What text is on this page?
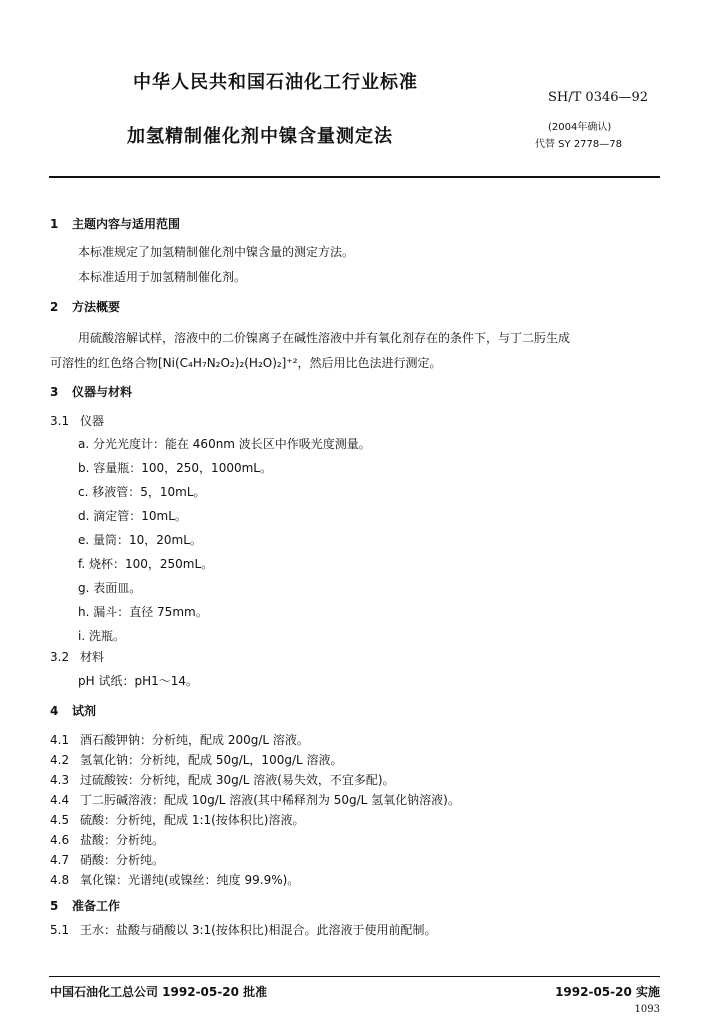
中华人民共和国石油化工行业标准
SH/T 0346—92
(2004年确认)
加氢精制催化剂中镍含量测定法	代替 SY 2778—78
1 主题内容与适用范围
本标准规定了加氢精制催化剂中镍含量的测定方法。
本标准适用于加氢精制催化剂。
2 方法概要
用硫酸溶解试样，溶液中的二价镍离子在碱性溶液中并有氧化剂存在的条件下，与丁二肟生成
可溶性的红色络合物[Ni(C₄H₇N₂O₂)₂(H₂O)₂]⁺²，然后用比色法进行测定。
3 仪器与材料
3.1 仪器
a. 分光光度计：能在 460nm 波长区中作吸光度测量。
b. 容量瓶：100，250，1000mL。
c. 移液管：5，10mL。
d. 滴定管：10mL。
e. 量筒：10，20mL。
f. 烧杯：100，250mL。
g. 表面皿。
h. 漏斗：直径 75mm。
i. 洗瓶。
3.2 材料
pH 试纸：pH1～14。
4 试剂
4.1 酒石酸钾钠：分析纯，配成 200g/L 溶液。
4.2 氢氧化钠：分析纯，配成 50g/L，100g/L 溶液。
4.3 过硫酸铵：分析纯，配成 30g/L 溶液(易失效，不宜多配)。
4.4 丁二肟碱溶液：配成 10g/L 溶液(其中稀释剂为 50g/L 氢氧化钠溶液)。
4.5 硫酸：分析纯，配成 1:1(按体积比)溶液。
4.6 盐酸：分析纯。
4.7 硝酸：分析纯。
4.8 氧化镍：光谱纯(或镍丝：纯度 99.9%)。
5 准备工作
5.1 王水：盐酸与硝酸以 3:1(按体积比)相混合。此溶液于使用前配制。
中国石油化工总公司 1992-05-20 批准	1992-05-20 实施
1093
